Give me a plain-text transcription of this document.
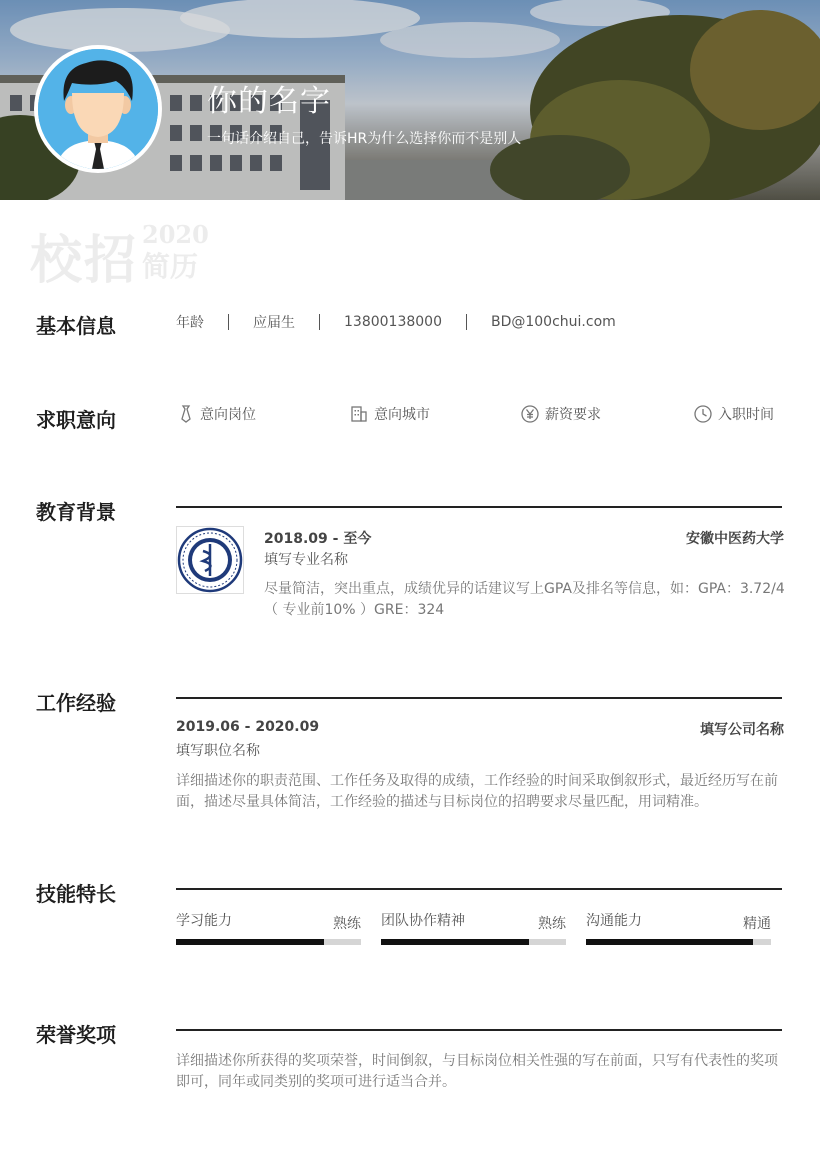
你的名字
一句话介绍自己，告诉HR为什么选择你而不是别人
校招 2020
简历
基本信息	年龄	应届生	13800138000	BD@100chui.com
求职意向	意向岗位	意向城市	薪资要求	入职时间
教育背景
2018.09 - 至今	安徽中医药大学
填写专业名称
尽量简洁，突出重点，成绩优异的话建议写上GPA及排名等信息，如：GPA：3.72/4（ 专业前10% ）GRE：324
工作经验
2019.06 - 2020.09	填写公司名称
填写职位名称
详细描述你的职责范围、工作任务及取得的成绩，工作经验的时间采取倒叙形式，最近经历写在前面，描述尽量具体简洁，工作经验的描述与目标岗位的招聘要求尽量匹配，用词精准。
技能特长
学习能力	熟练 团队协作精神	熟练 沟通能力	精通
荣誉奖项
详细描述你所获得的奖项荣誉，时间倒叙，与目标岗位相关性强的写在前面，只写有代表性的奖项即可，同年或同类别的奖项可进行适当合并。
